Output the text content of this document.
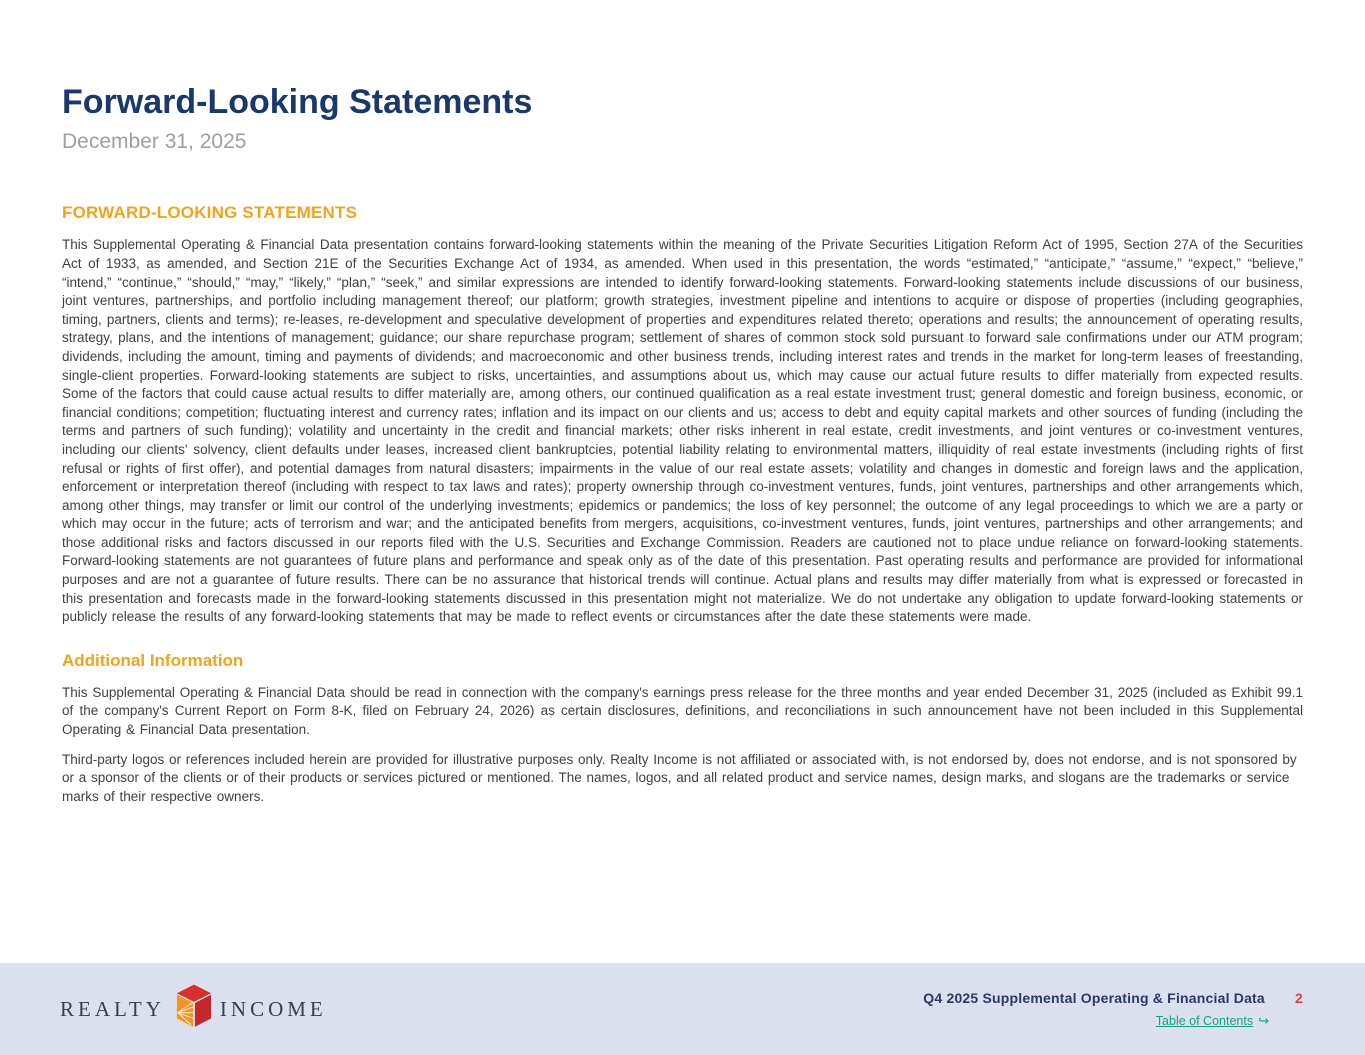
Forward-Looking Statements
December 31, 2025
FORWARD-LOOKING STATEMENTS

This Supplemental Operating & Financial Data presentation contains forward-looking statements within the meaning of the Private Securities Litigation Reform Act of 1995, Section 27A of the Securities Act of 1933, as amended, and Section 21E of the Securities Exchange Act of 1934, as amended. When used in this presentation, the words “estimated,” “anticipate,” “assume,” “expect,” “believe,” “intend,” “continue,” “should,” “may,” “likely,” “plan,” “seek,” and similar expressions are intended to identify forward-looking statements. Forward-looking statements include discussions of our business, joint ventures, partnerships, and portfolio including management thereof; our platform; growth strategies, investment pipeline and intentions to acquire or dispose of properties (including geographies, timing, partners, clients and terms); re-leases, re-development and speculative development of properties and expenditures related thereto; operations and results; the announcement of operating results, strategy, plans, and the intentions of management; guidance; our share repurchase program; settlement of shares of common stock sold pursuant to forward sale confirmations under our ATM program; dividends, including the amount, timing and payments of dividends; and macroeconomic and other business trends, including interest rates and trends in the market for long-term leases of freestanding, single-client properties. Forward-looking statements are subject to risks, uncertainties, and assumptions about us, which may cause our actual future results to differ materially from expected results. Some of the factors that could cause actual results to differ materially are, among others, our continued qualification as a real estate investment trust; general domestic and foreign business, economic, or financial conditions; competition; fluctuating interest and currency rates; inflation and its impact on our clients and us; access to debt and equity capital markets and other sources of funding (including the terms and partners of such funding); volatility and uncertainty in the credit and financial markets; other risks inherent in real estate, credit investments, and joint ventures or co-investment ventures, including our clients' solvency, client defaults under leases, increased client bankruptcies, potential liability relating to environmental matters, illiquidity of real estate investments (including rights of first refusal or rights of first offer), and potential damages from natural disasters; impairments in the value of our real estate assets; volatility and changes in domestic and foreign laws and the application, enforcement or interpretation thereof (including with respect to tax laws and rates); property ownership through co-investment ventures, funds, joint ventures, partnerships and other arrangements which, among other things, may transfer or limit our control of the underlying investments; epidemics or pandemics; the loss of key personnel; the outcome of any legal proceedings to which we are a party or which may occur in the future; acts of terrorism and war; and the anticipated benefits from mergers, acquisitions, co-investment ventures, funds, joint ventures, partnerships and other arrangements; and those additional risks and factors discussed in our reports filed with the U.S. Securities and Exchange Commission. Readers are cautioned not to place undue reliance on forward-looking statements. Forward-looking statements are not guarantees of future plans and performance and speak only as of the date of this presentation. Past operating results and performance are provided for informational purposes and are not a guarantee of future results. There can be no assurance that historical trends will continue. Actual plans and results may differ materially from what is expressed or forecasted in this presentation and forecasts made in the forward-looking statements discussed in this presentation might not materialize. We do not undertake any obligation to update forward-looking statements or publicly release the results of any forward-looking statements that may be made to reflect events or circumstances after the date these statements were made.

Additional Information

This Supplemental Operating & Financial Data should be read in connection with the company's earnings press release for the three months and year ended December 31, 2025 (included as Exhibit 99.1 of the company's Current Report on Form 8-K, filed on February 24, 2026) as certain disclosures, definitions, and reconciliations in such announcement have not been included in this Supplemental Operating & Financial Data presentation.

Third-party logos or references included herein are provided for illustrative purposes only. Realty Income is not affiliated or associated with, is not endorsed by, does not endorse, and is not sponsored by or a sponsor of the clients or of their products or services pictured or mentioned. The names, logos, and all related product and service names, design marks, and slogans are the trademarks or service marks of their respective owners.

REALTY	INCOME	Q4 2025 Supplemental Operating & Financial Data 2
Table of Contents ↪
